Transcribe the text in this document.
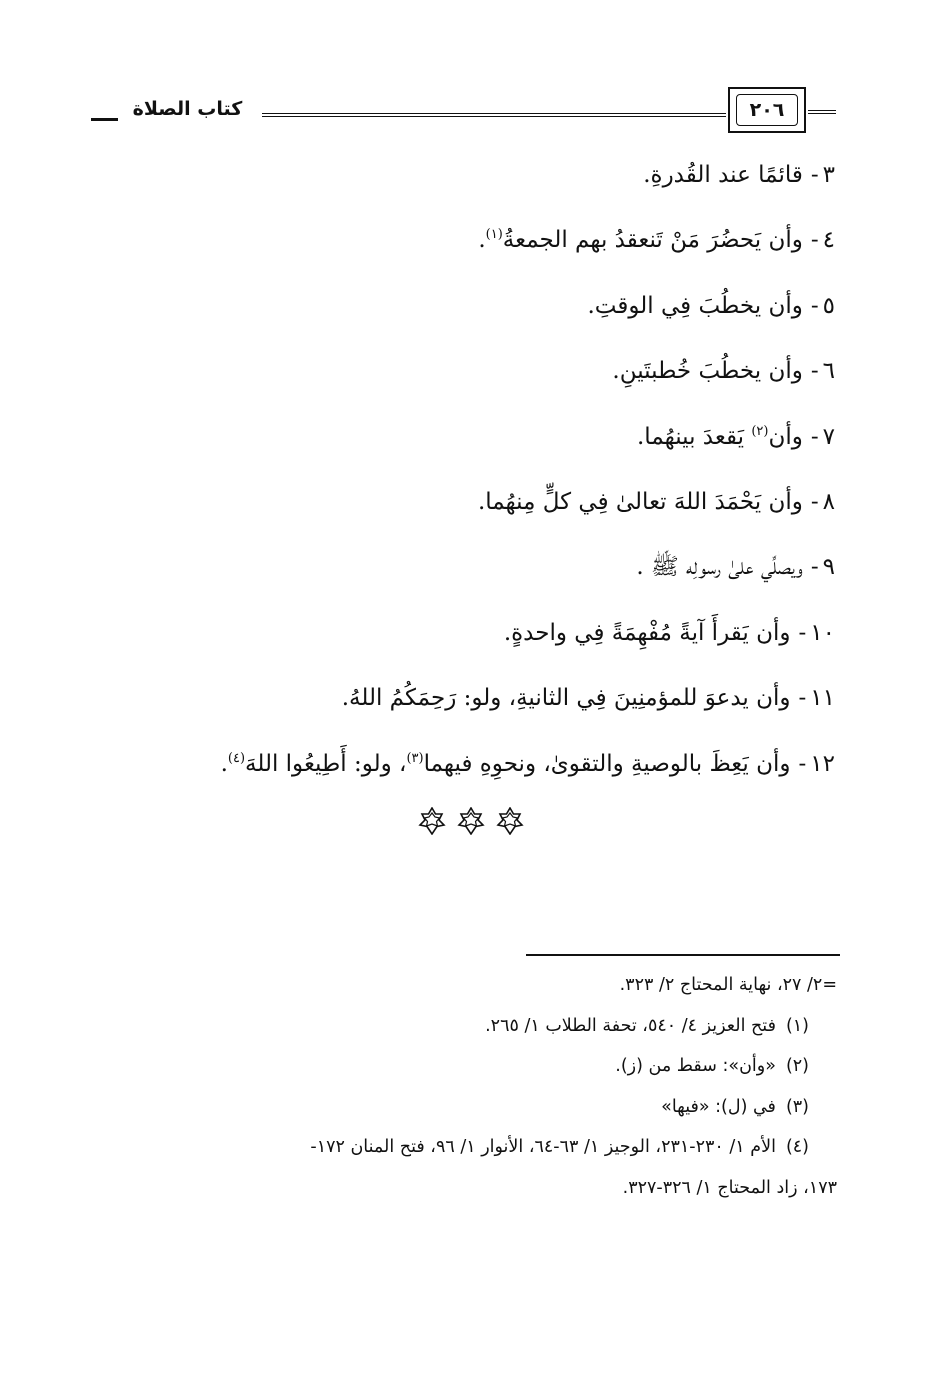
٢٠٦
كتاب الصلاة
٣-قائمًا عند القُدرةِ.
٤-وأن يَحضُرَ مَنْ تَنعقدُ بهم الجمعةُ$^{(١)}$.
٥-وأن يخطُبَ فِي الوقتِ.
٦-وأن يخطُبَ خُطبتَينِ.
٧-وأن$^{(٢)}$ يَقعدَ بينهُما.
٨-وأن يَحْمَدَ اللهَ تعالىٰ فِي كلٍّ مِنهُما.
٩-ويصلِّي علىٰ رسولِه ﷺ .
١٠-وأن يَقرأَ آيةً مُفْهِمَةً فِي واحدةٍ.
١١-وأن يدعوَ للمؤمنِينَ فِي الثانيةِ، ولو: رَحِمَكُمُ اللهُ.
١٢-وأن يَعِظَ بالوصيةِ والتقوىٰ، ونحوِهِ فيهما$^{(٣)}$، ولو: أَطِيعُوا اللهَ$^{(٤)}$.
=٢/ ٢٧، نهاية المحتاج ٢/ ٣٢٣.
(١)فتح العزيز ٤/ ٥٤٠، تحفة الطلاب ١/ ٢٦٥.
(٢)«وأن»: سقط من (ز).
(٣)في (ل): «فيها»
(٤)الأم ١/ ٢٣٠-٢٣١، الوجيز ١/ ٦٣-٦٤، الأنوار ١/ ٩٦، فتح المنان ١٧٢-
١٧٣، زاد المحتاج ١/ ٣٢٦-٣٢٧.
